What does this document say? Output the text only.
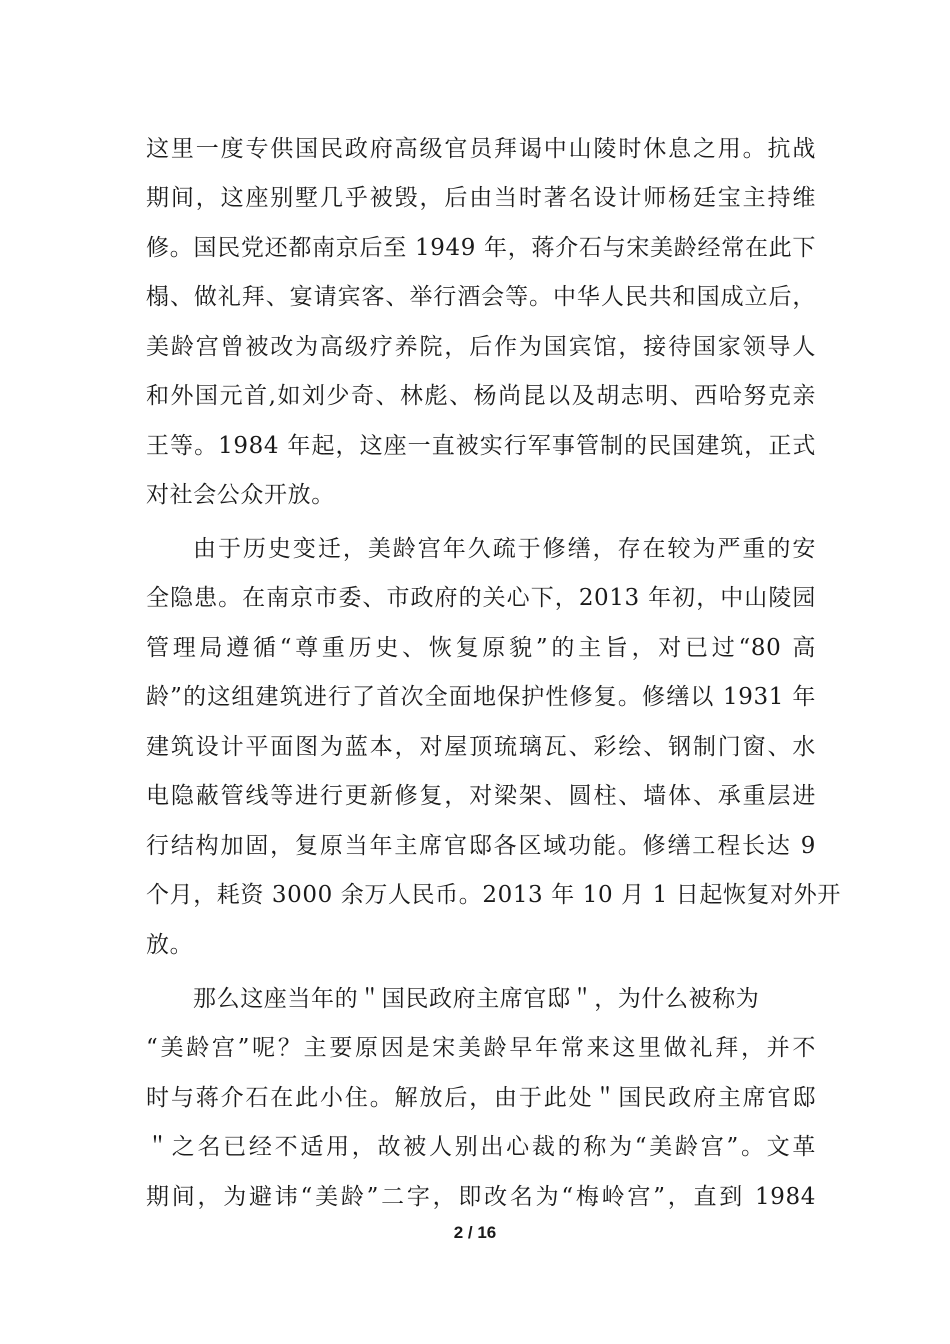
这里一度专供国民政府高级官员拜谒中山陵时休息之用。抗战
期间，这座别墅几乎被毁，后由当时著名设计师杨廷宝主持维
修。国民党还都南京后至 1949 年，蒋介石与宋美龄经常在此下
榻、做礼拜、宴请宾客、举行酒会等。中华人民共和国成立后，
美龄宫曾被改为高级疗养院，后作为国宾馆，接待国家领导人
和外国元首,如刘少奇、林彪、杨尚昆以及胡志明、西哈努克亲
王等。1984 年起，这座一直被实行军事管制的民国建筑，正式
对社会公众开放。
由于历史变迁，美龄宫年久疏于修缮，存在较为严重的安
全隐患。在南京市委、市政府的关心下，2013 年初，中山陵园
管理局遵循“尊重历史、恢复原貌”的主旨，对已过“80 高
龄”的这组建筑进行了首次全面地保护性修复。修缮以 1931 年
建筑设计平面图为蓝本，对屋顶琉璃瓦、彩绘、钢制门窗、水
电隐蔽管线等进行更新修复，对梁架、圆柱、墙体、承重层进
行结构加固，复原当年主席官邸各区域功能。修缮工程长达 9
个月，耗资 3000 余万人民币。2013 年 10 月 1 日起恢复对外开
放。
那么这座当年的＂国民政府主席官邸＂，为什么被称为
“美龄宫”呢？主要原因是宋美龄早年常来这里做礼拜，并不
时与蒋介石在此小住。解放后，由于此处＂国民政府主席官邸
＂之名已经不适用，故被人别出心裁的称为“美龄宫”。文革
期间，为避讳“美龄”二字，即改名为“梅岭宫”，直到 1984
2 / 16
